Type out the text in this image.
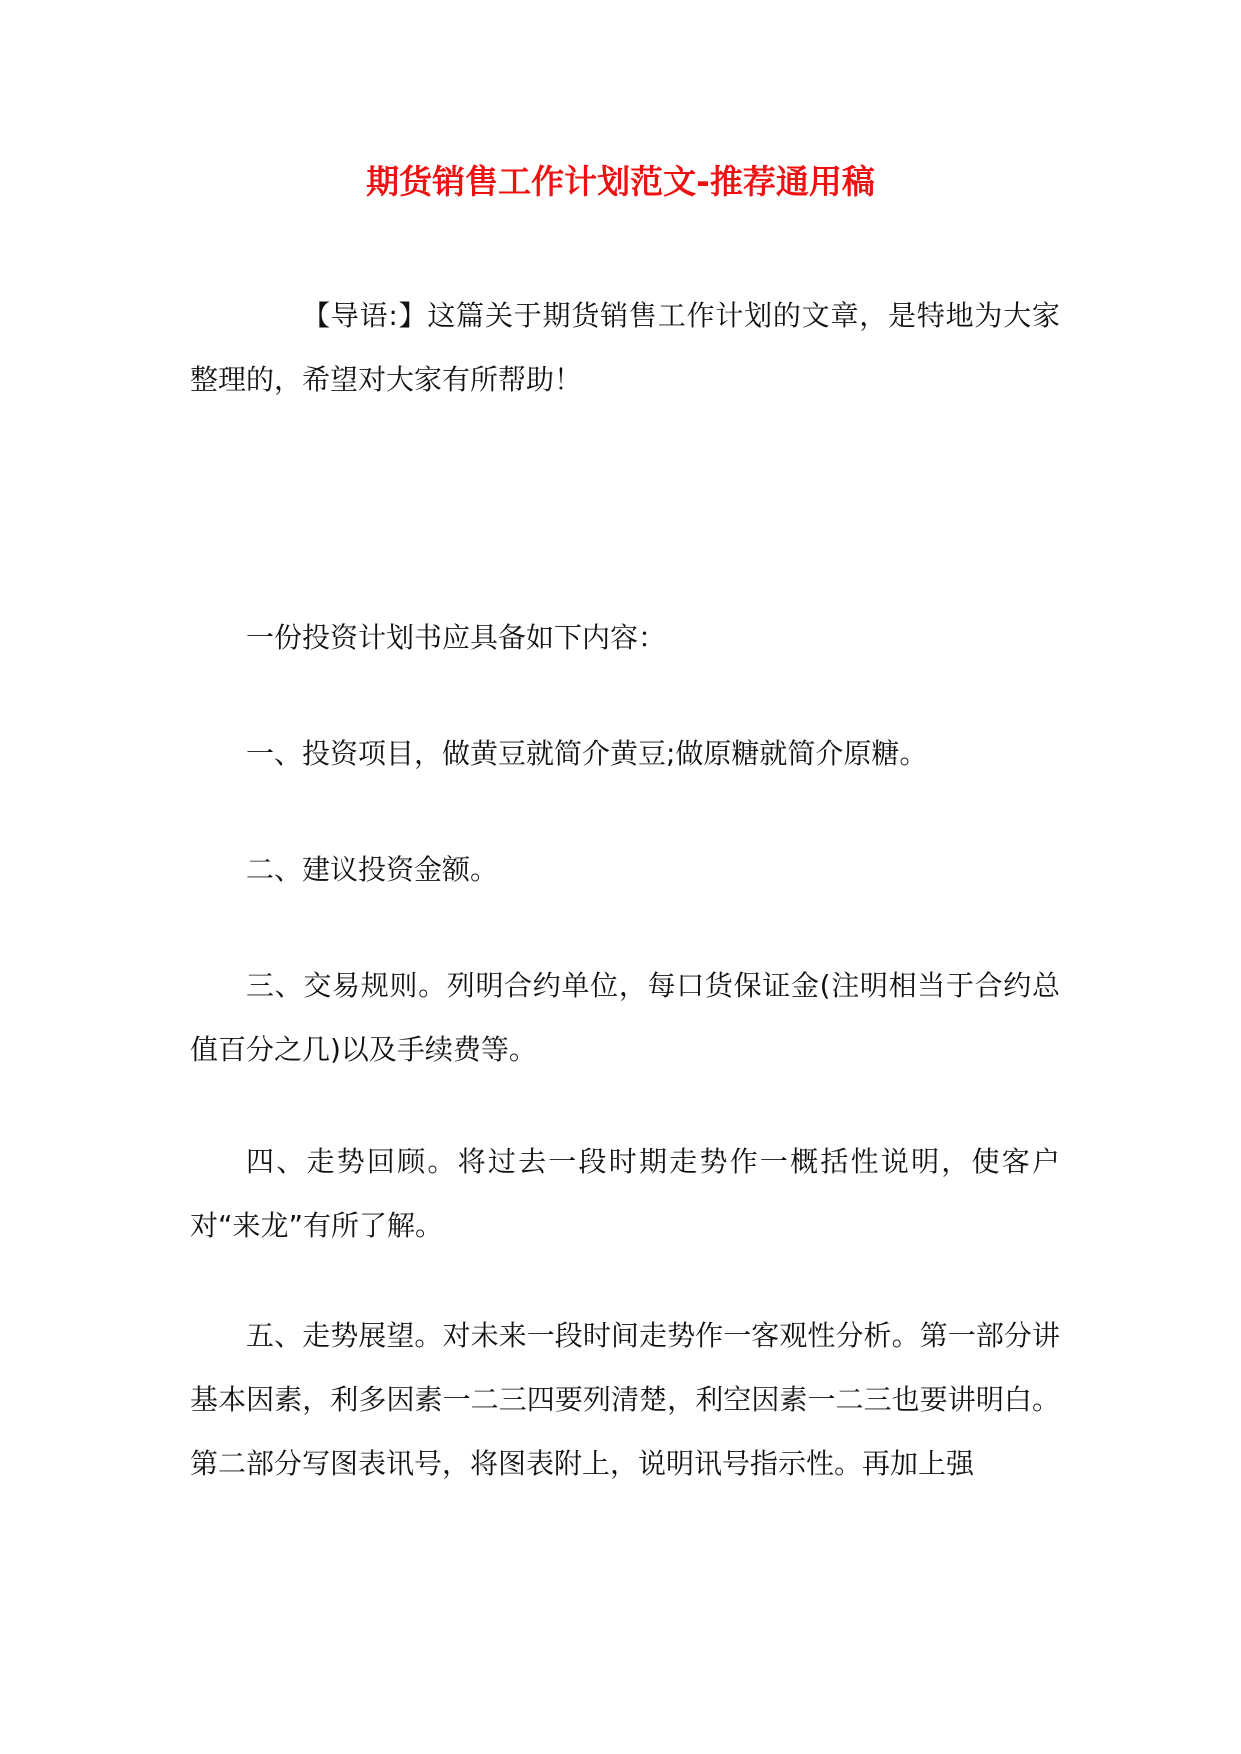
期货销售工作计划范文-推荐通用稿

【导语:】这篇关于期货销售工作计划的文章，是特地为大家整理的，希望对大家有所帮助！

一份投资计划书应具备如下内容：

一、投资项目，做黄豆就简介黄豆;做原糖就简介原糖。

二、建议投资金额。

三、交易规则。列明合约单位，每口货保证金(注明相当于合约总值百分之几)以及手续费等。

四、走势回顾。将过去一段时期走势作一概括性说明，使客户对“来龙”有所了解。

五、走势展望。对未来一段时间走势作一客观性分析。第一部分讲基本因素，利多因素一二三四要列清楚，利空因素一二三也要讲明白。第二部分写图表讯号，将图表附上，说明讯号指示性。再加上强
